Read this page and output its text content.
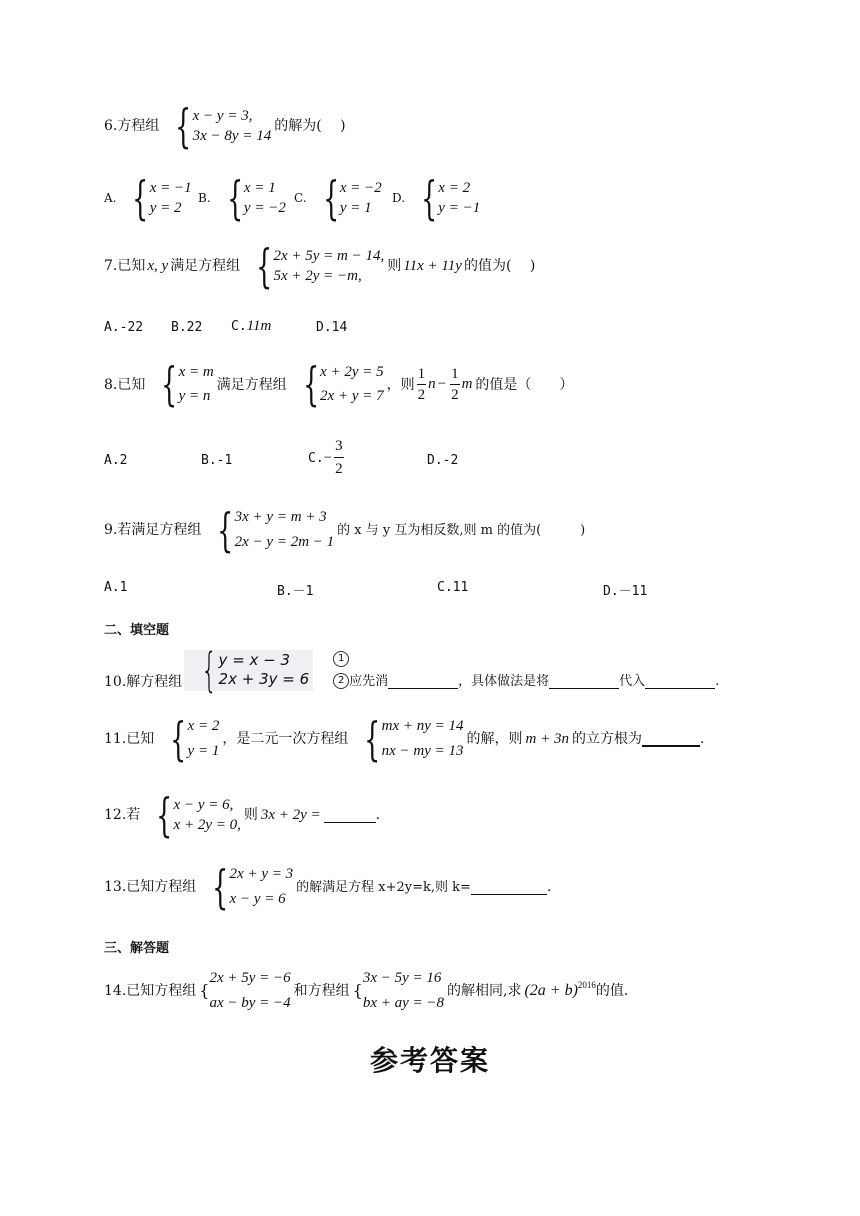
6.方程组 { x − y = 3,
3x − 8y = 14
的解为(　 )
A. { x = −1
y = 2
B. { x = 1
y = −2
C. { x = −2
y = 1
D. { x = 2
y = −1
7.已知 x, y 满足方程组 { 2x + 5y = m − 14,
5x + 2y = −m,
则 11x + 11y 的值为(　 )
A.-22 B.22 C. 11m	D.14
8.已知 { x = m
y = n
满足方程组 { x + 2y = 5
2x + y = 7
，则 $\frac{1}{2}$ $n - \frac{1}{2}$ m 的值是（　　）
A.2	B.-1	C. − $\frac{3}{2}$	D.-2
9.若满足方程组 { 3x + y = m + 3
2x − y = 2m − 1
的 x 与 y 互为相反数,则 m 的值为(　　　)
A.1	B.－1	C.11	D.－11
二、填空题
10.解方程组 { y = x − 3
2x + 3y = 6
1
2 应先消
	，具体做法是将
	代入
	.
11.已知 { x = 2
y = 1
，是二元一次方程组 { mx + ny = 14
nx − my = 13
的解，则 m + 3n 的立方根为
	.
12.若 { x − y = 6,
x + 2y = 0,
则 3x + 2y =
	.
13.已知方程组 { 2x + y = 3
x − y = 6
的解满足方程 x+2y=k,则 k=
	.
三、解答题
14.已知方程组 {
2x + 5y = −6
ax − by = −4
和方程组 {
3x − 5y = 16
bx + ay = −8
的解相同,求 $(2a + b)^{2016}$ 的值.
参考答案
